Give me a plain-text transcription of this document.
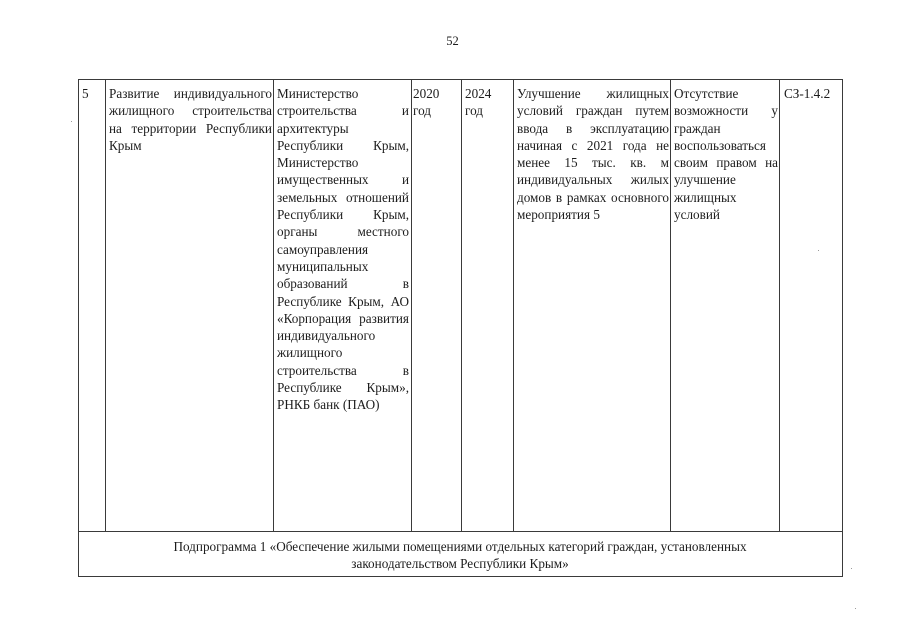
52
5	Развитие индивидуального жилищного строительства на территории Республики Крым
Министерство строительства и архитектуры Республики Крым, Министерство имущественных и земельных отношений Республики Крым, органы местного самоуправления муниципальных образований в Республике Крым, АО «Корпорация развития индивидуального жилищного строительства в Республике Крым», РНКБ банк (ПАО)
2020 год
2024 год
Улучшение жилищных условий граждан путем ввода в эксплуатацию начиная с 2021 года не менее 15 тыс. кв. м индивидуальных жилых домов в рамках основного мероприятия 5
Отсутствие возможности у граждан воспользоваться своим правом на улучшение жилищных условий
СЗ-1.4.2
Подпрограмма 1 «Обеспечение жилыми помещениями отдельных категорий граждан, установленных законодательством Республики Крым»
